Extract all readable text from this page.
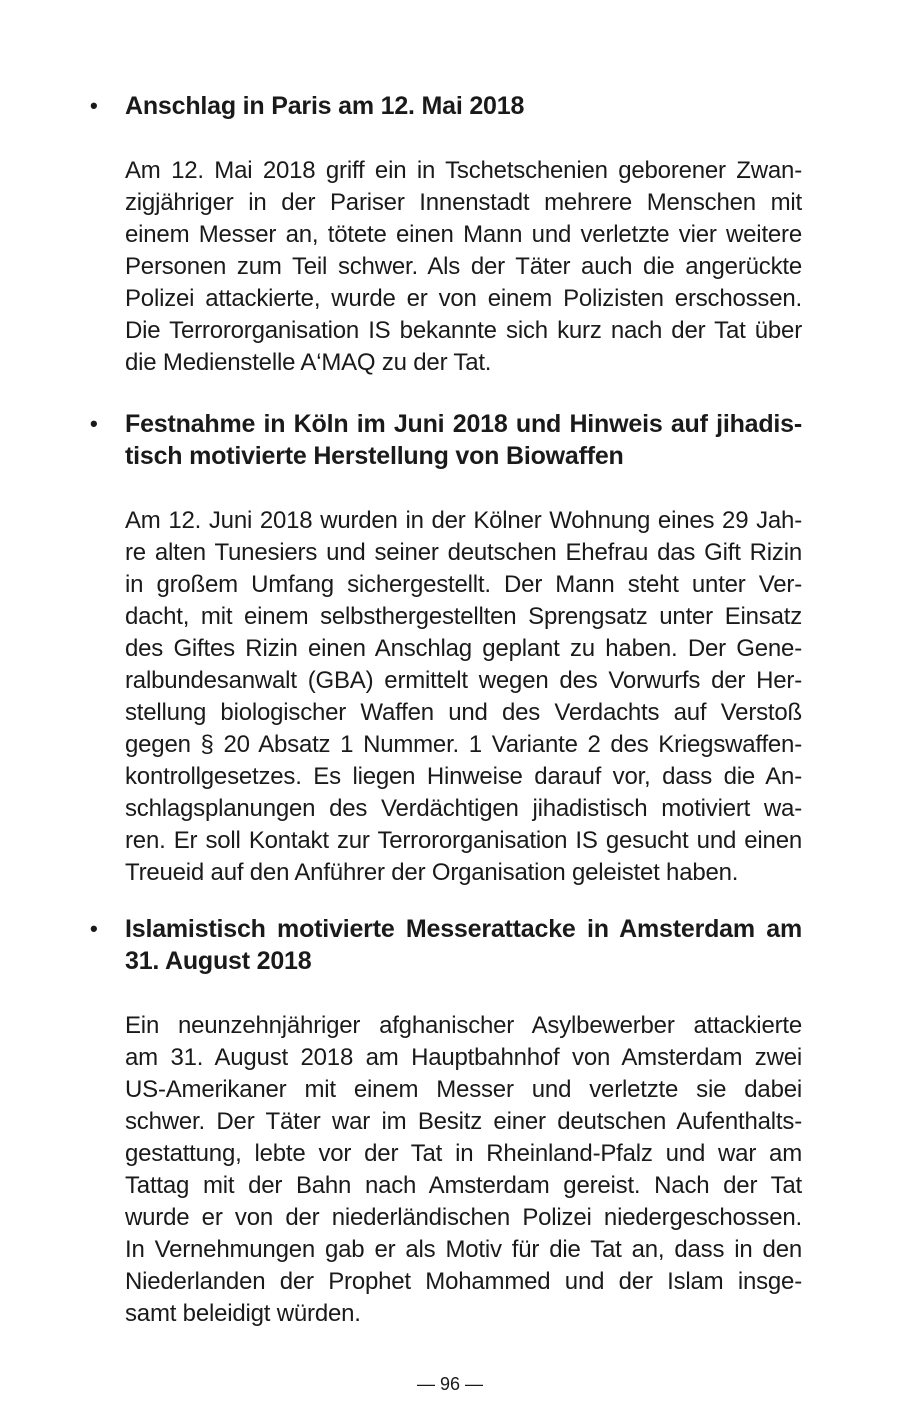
•	Anschlag in Paris am 12. Mai 2018

Am 12. Mai 2018 griff ein in Tschetschenien geborener Zwan-
zigjähriger in der Pariser Innenstadt mehrere Menschen mit
einem Messer an, tötete einen Mann und verletzte vier weitere
Personen zum Teil schwer. Als der Täter auch die angerückte
Polizei attackierte, wurde er von einem Polizisten erschossen.
Die Terrororganisation IS bekannte sich kurz nach der Tat über
die Medienstelle A‘MAQ zu der Tat.

•	Festnahme in Köln im Juni 2018 und Hinweis auf jihadis-
tisch motivierte Herstellung von Biowaffen

Am 12. Juni 2018 wurden in der Kölner Wohnung eines 29 Jah-
re alten Tunesiers und seiner deutschen Ehefrau das Gift Rizin
in großem Umfang sichergestellt. Der Mann steht unter Ver-
dacht, mit einem selbsthergestellten Sprengsatz unter Einsatz
des Giftes Rizin einen Anschlag geplant zu haben. Der Gene-
ralbundesanwalt (GBA) ermittelt wegen des Vorwurfs der Her-
stellung biologischer Waffen und des Verdachts auf Verstoß
gegen § 20 Absatz 1 Nummer. 1 Variante 2 des Kriegswaffen-
kontrollgesetzes. Es liegen Hinweise darauf vor, dass die An-
schlagsplanungen des Verdächtigen jihadistisch motiviert wa-
ren. Er soll Kontakt zur Terrororganisation IS gesucht und einen
Treueid auf den Anführer der Organisation geleistet haben.

•	Islamistisch motivierte Messerattacke in Amsterdam am
31. August 2018

Ein neunzehnjähriger afghanischer Asylbewerber attackierte
am 31. August 2018 am Hauptbahnhof von Amsterdam zwei
US-Amerikaner mit einem Messer und verletzte sie dabei
schwer. Der Täter war im Besitz einer deutschen Aufenthalts-
gestattung, lebte vor der Tat in Rheinland-Pfalz und war am
Tattag mit der Bahn nach Amsterdam gereist. Nach der Tat
wurde er von der niederländischen Polizei niedergeschossen.
In Vernehmungen gab er als Motiv für die Tat an, dass in den
Niederlanden der Prophet Mohammed und der Islam insge-
samt beleidigt würden.

— 96 —
